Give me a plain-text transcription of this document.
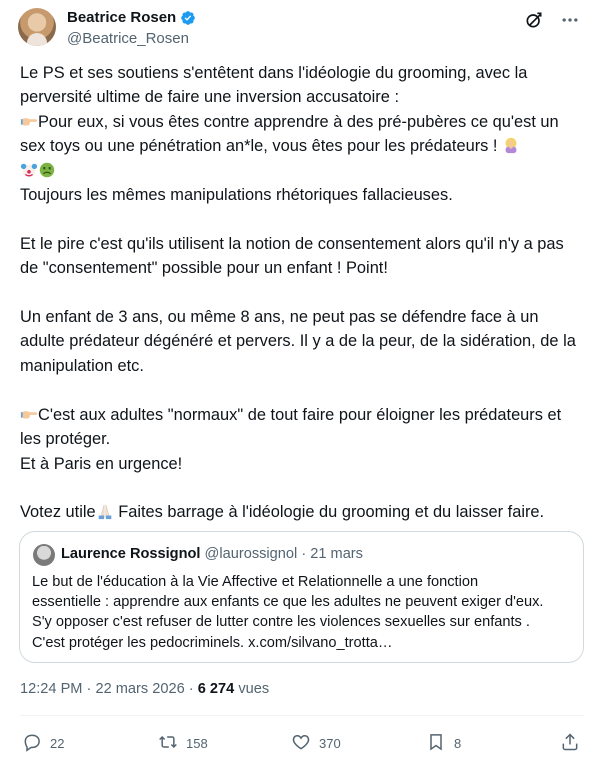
Beatrice Rosen
@Beatrice_Rosen

Le PS et ses soutiens s'entêtent dans l'idéologie du grooming, avec la perversité ultime de faire une inversion accusatoire :

Pour eux, si vous êtes contre apprendre à des pré-pubères ce qu'est un sex toys ou une pénétration an*le, vous êtes pour les prédateurs !

Toujours les mêmes manipulations rhétoriques fallacieuses.

Et le pire c'est qu'ils utilisent la notion de consentement alors qu'il n'y a pas de "consentement" possible pour un enfant ! Point!

Un enfant de 3 ans, ou même 8 ans, ne peut pas se défendre face à un adulte prédateur dégénéré et pervers. Il y a de la peur, de la sidération, de la manipulation etc.

C'est aux adultes "normaux" de tout faire pour éloigner les prédateurs et les protéger.

Et à Paris en urgence!

Votez utile Faites barrage à l'idéologie du grooming et du laisser faire.

Laurence Rossignol @laurossignol · 21 mars

Le but de l'éducation à la Vie Affective et Relationnelle a une fonction

essentielle : apprendre aux enfants ce que les adultes ne peuvent exiger d'eux.

S'y opposer c'est refuser de lutter contre les violences sexuelles sur enfants .

C'est protéger les pedocriminels. x.com/silvano_trotta…

12:24 PM · 22 mars 2026 · 6 274 vues
22	158	370	8
